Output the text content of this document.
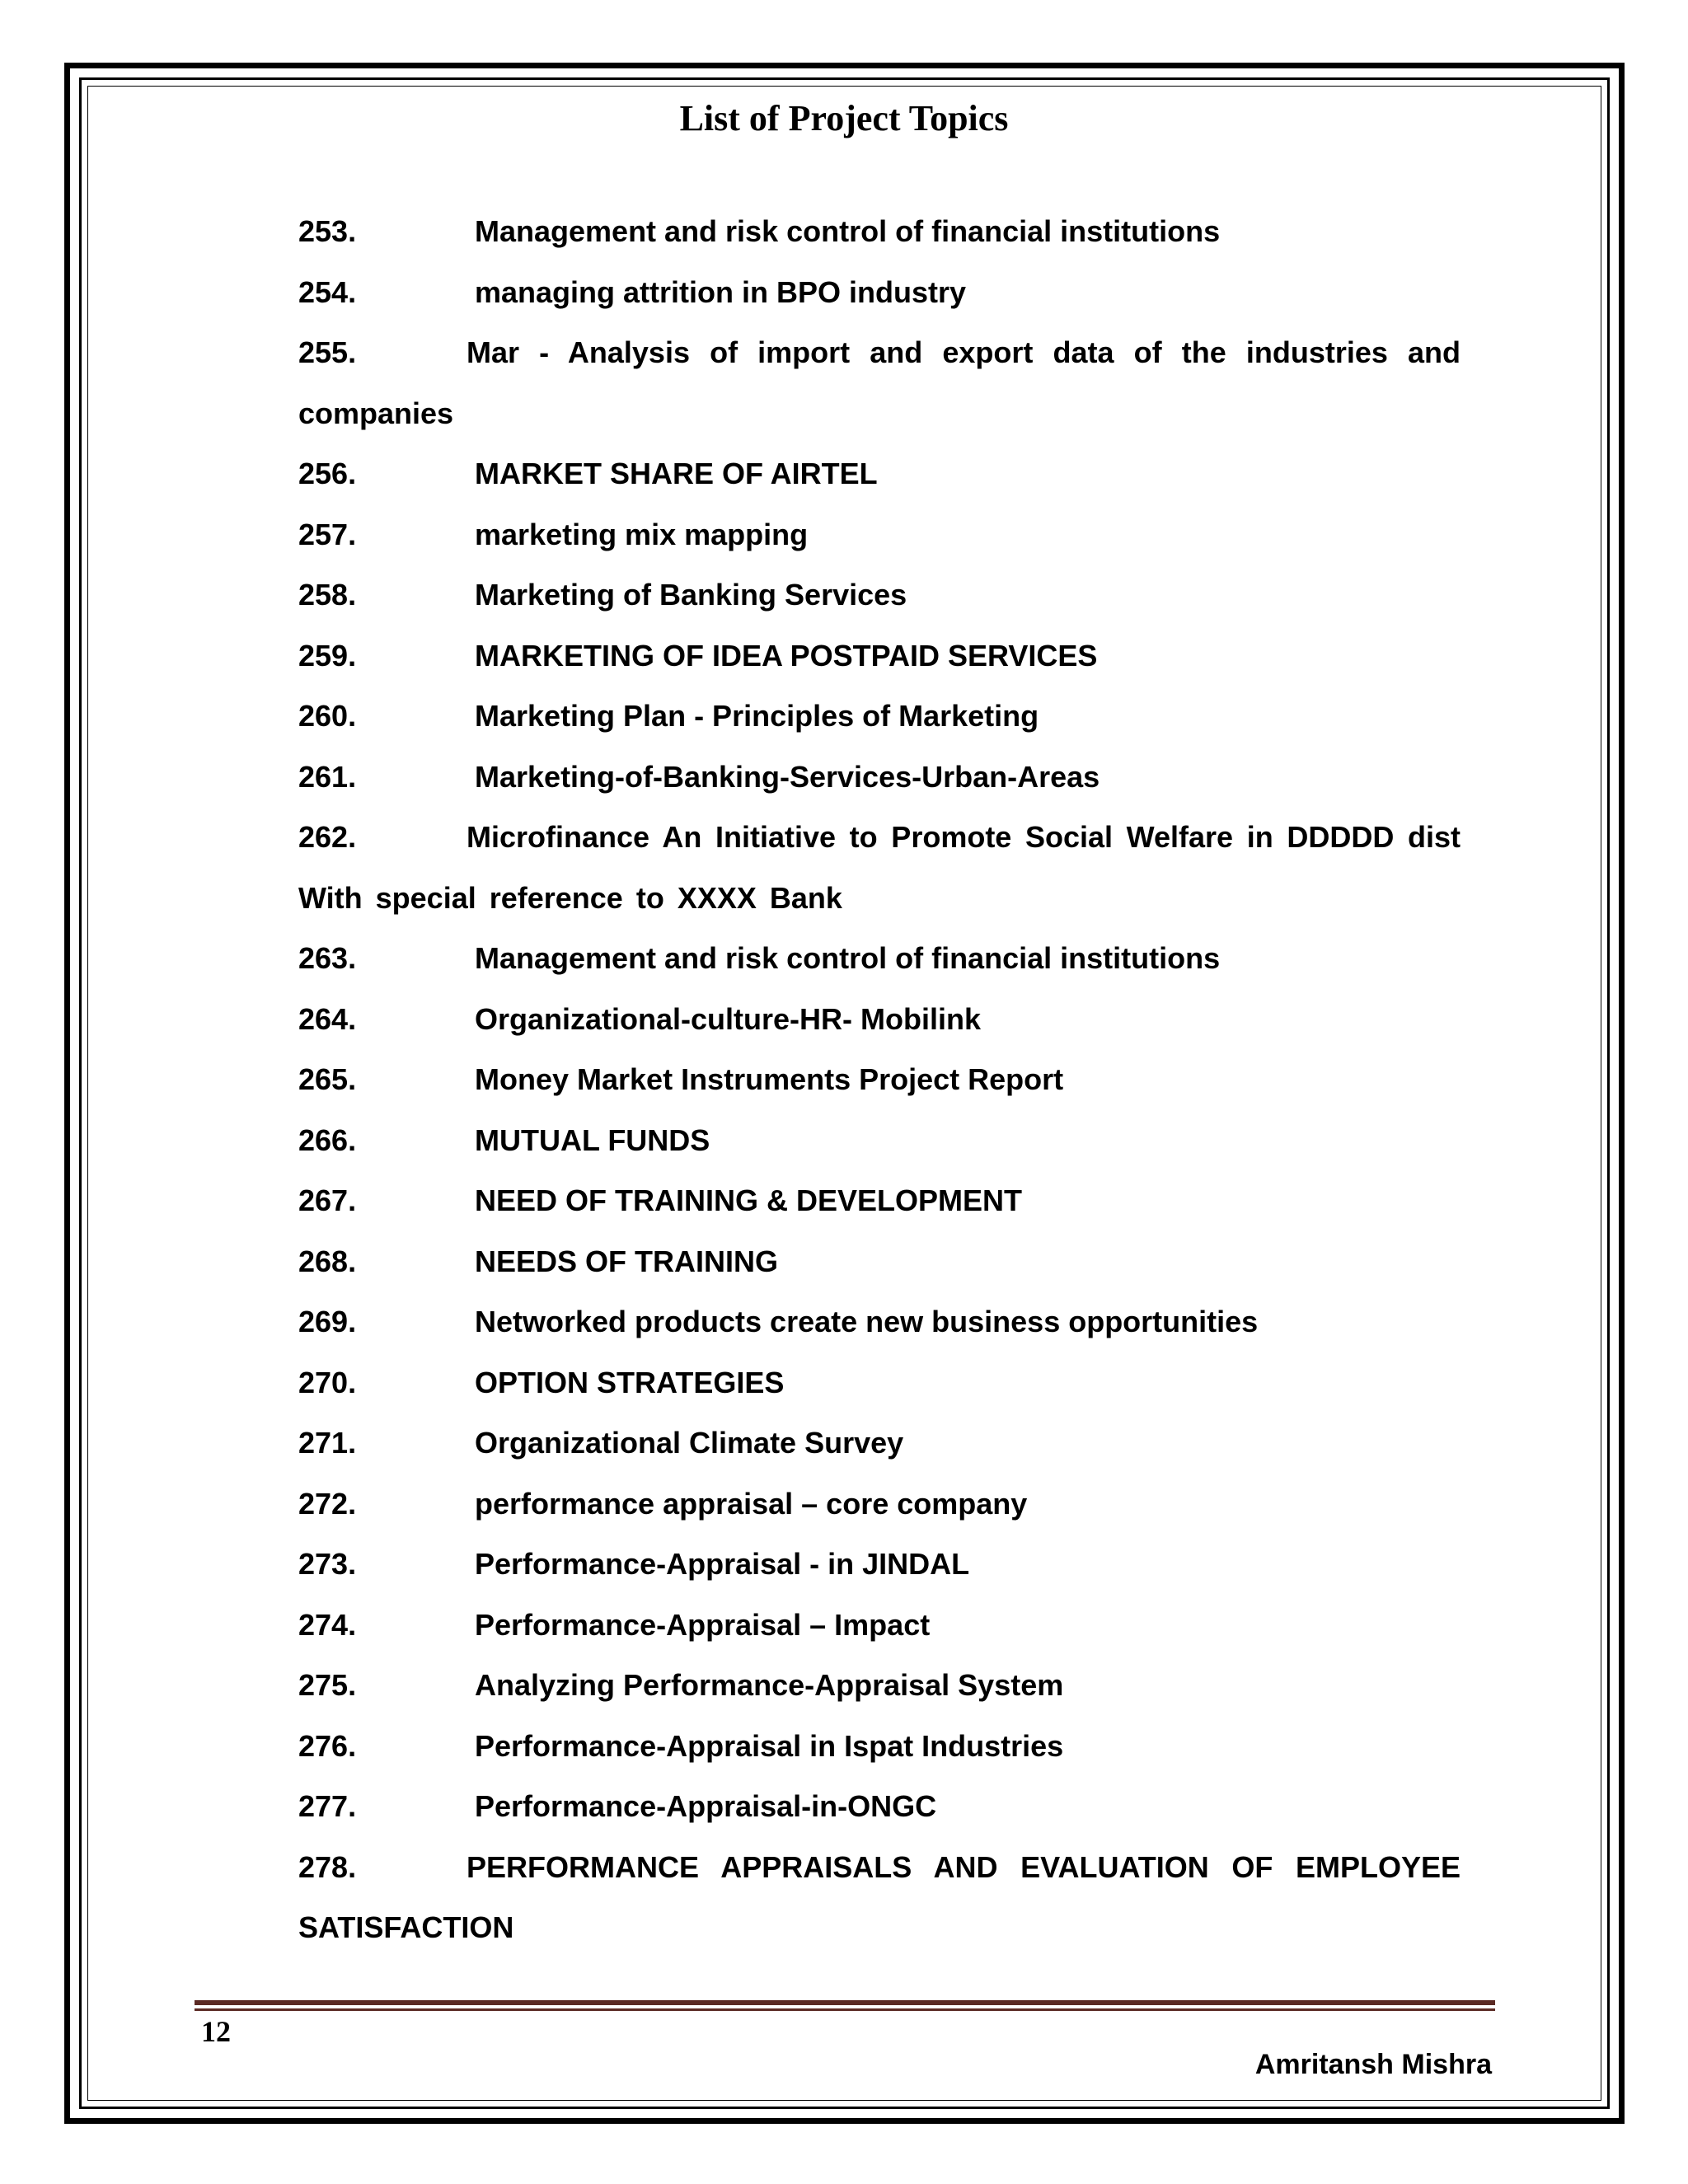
List of Project Topics
253.	Management and risk control of financial institutions
254.	managing attrition in BPO industry
255.	Mar - Analysis of import and export data of the industries and companies
256.	MARKET SHARE OF AIRTEL
257.	marketing mix mapping
258.	Marketing of Banking Services
259.	MARKETING OF IDEA POSTPAID SERVICES
260.	Marketing Plan - Principles of Marketing
261.	Marketing-of-Banking-Services-Urban-Areas
262.	Microfinance An Initiative to Promote Social Welfare in DDDDD dist With special reference to XXXX Bank
263.	Management and risk control of financial institutions
264.	Organizational-culture-HR- Mobilink
265.	Money Market Instruments Project Report
266.	MUTUAL FUNDS
267.	NEED OF TRAINING & DEVELOPMENT
268.	NEEDS OF TRAINING
269.	Networked products create new business opportunities
270.	OPTION STRATEGIES
271.	Organizational Climate Survey
272.	performance appraisal – core company
273.	Performance-Appraisal - in JINDAL
274.	Performance-Appraisal – Impact
275.	Analyzing Performance-Appraisal System
276.	Performance-Appraisal in Ispat Industries
277.	Performance-Appraisal-in-ONGC
278.	PERFORMANCE APPRAISALS AND EVALUATION OF EMPLOYEE SATISFACTION
12
Amritansh Mishra
